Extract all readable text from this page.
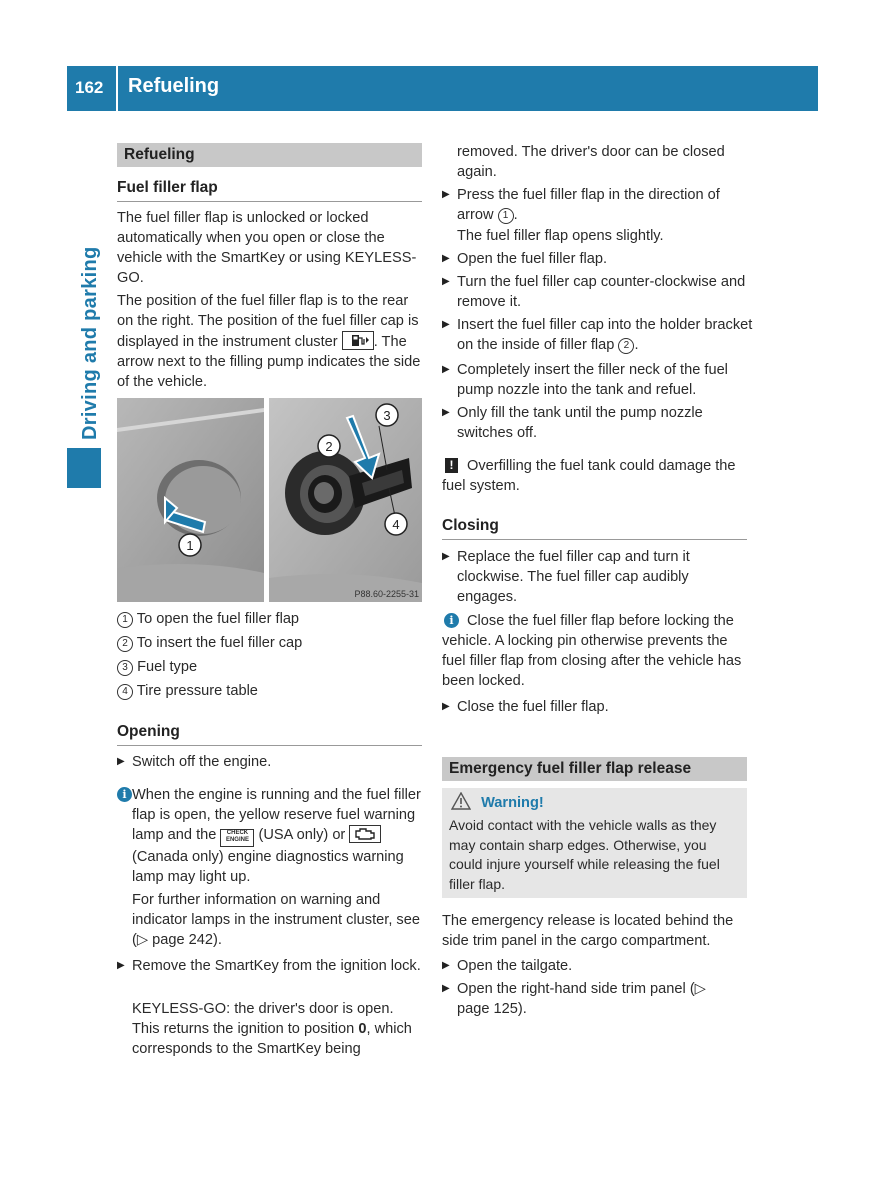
162 Refueling
Driving and parking
Refueling
Fuel filler flap

The fuel filler flap is unlocked or locked automatically when you open or close the vehicle with the SmartKey or using KEYLESS-GO.

The position of the fuel filler flap is to the rear on the right. The position of the fuel filler cap is displayed in the instrument cluster . The arrow next to the filling pump indicates the side of the vehicle.

1
3
2
4
P88.60-2255-31
1 To open the fuel filler flap
2 To insert the fuel filler cap
3 Fuel type
4 Tire pressure table
Opening
▶ Switch off the engine.
i When the engine is running and the fuel filler flap is open, the yellow reserve fuel warning lamp and the CHECK ENGINE (USA only) or  (Canada only) engine diagnostics warning lamp may light up.

For further information on warning and indicator lamps in the instrument cluster, see (▷ page 242).

▶ Remove the SmartKey from the ignition lock.

KEYLESS-GO: the driver's door is open. This returns the ignition to position 0, which corresponds to the SmartKey being

removed. The driver's door can be closed again.

▶ Press the fuel filler flap in the direction of arrow 1 .

The fuel filler flap opens slightly.

▶ Open the fuel filler flap.
▶ Turn the fuel filler cap counter-clockwise and remove it.
▶ Insert the fuel filler cap into the holder bracket on the inside of filler flap 2 .
▶ Completely insert the filler neck of the fuel pump nozzle into the tank and refuel.
▶ Only fill the tank until the pump nozzle switches off.
! Overfilling the fuel tank could damage the fuel system.

Closing
▶ Replace the fuel filler cap and turn it clockwise. The fuel filler cap audibly engages.
i Close the fuel filler flap before locking the vehicle. A locking pin otherwise prevents the fuel filler flap from closing after the vehicle has been locked.

▶ Close the fuel filler flap.
Emergency fuel filler flap release
Warning!

Avoid contact with the vehicle walls as they may contain sharp edges. Otherwise, you could injure yourself while releasing the fuel filler flap.

The emergency release is located behind the side trim panel in the cargo compartment.

▶ Open the tailgate.
▶ Open the right-hand side trim panel (▷ page 125).
